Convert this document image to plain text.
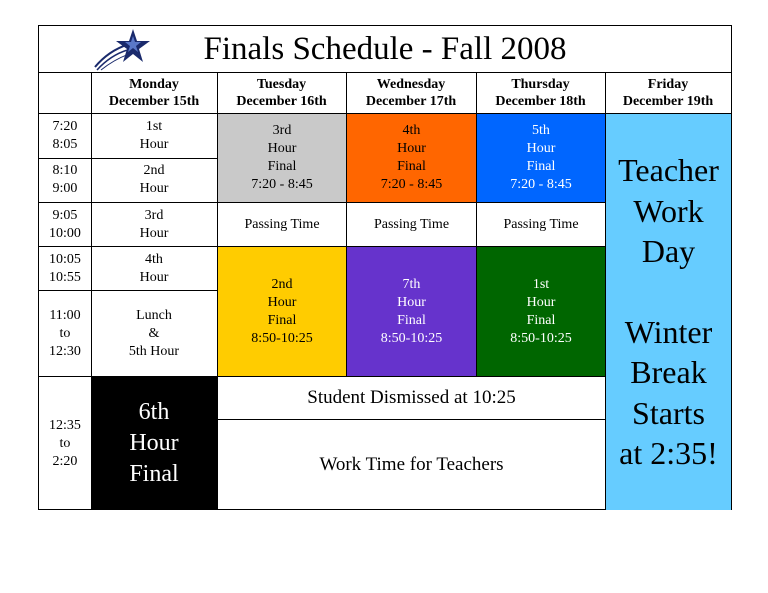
Finals Schedule - Fall 2008
Monday
December 15th
Tuesday
December 16th
Wednesday
December 17th
Thursday
December 18th
Friday
December 19th
7:20
8:05
8:10
9:00
9:05
10:00
10:05
10:55
11:00
to
12:30
12:35
to
2:20
1st
Hour
2nd
Hour
3rd
Hour
4th
Hour
Lunch
&
5th Hour
6th
Hour
Final
3rd
Hour
Final
7:20 - 8:45
4th
Hour
Final
7:20 - 8:45
5th
Hour
Final
7:20 - 8:45
Passing Time	Passing Time	Passing Time
2nd
Hour
Final
8:50-10:25
7th
Hour
Final
8:50-10:25
1st
Hour
Final
8:50-10:25
Student Dismissed at 10:25
Work Time for Teachers
Teacher
Work
Day
Winter
Break
Starts
at 2:35!
